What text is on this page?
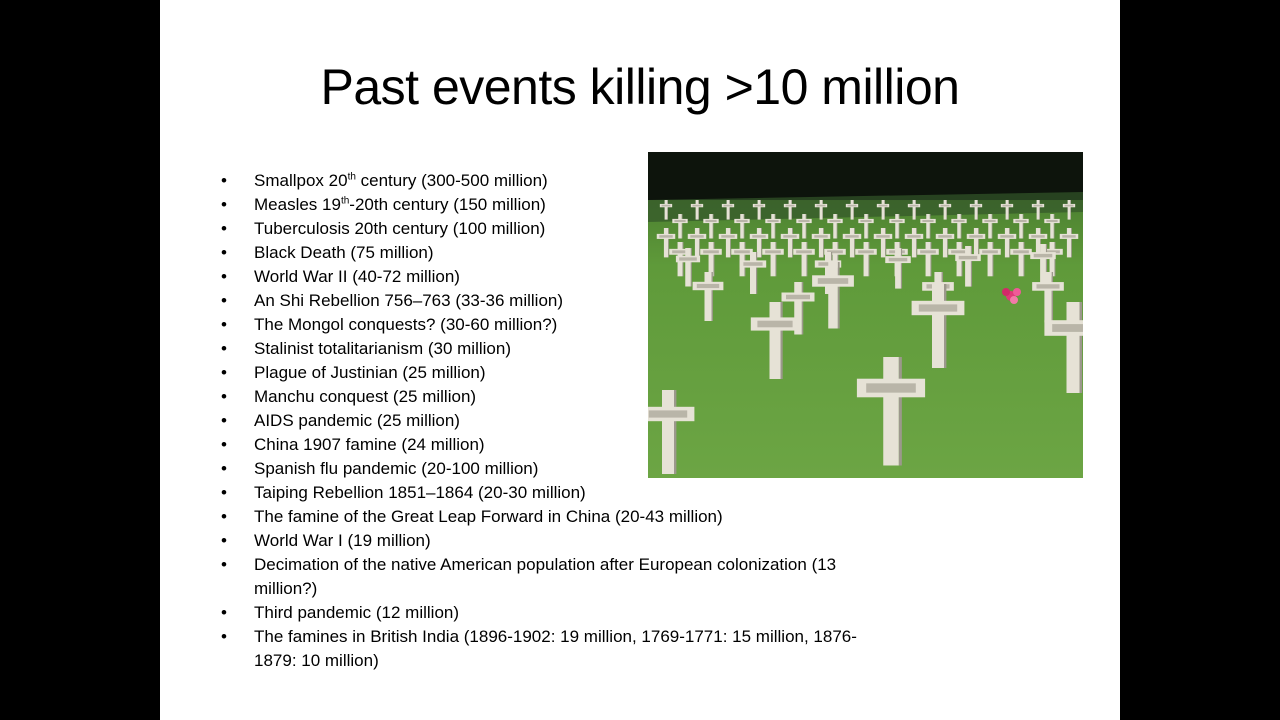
Past events killing >10 million
• Smallpox 20th century (300-500 million)
• Measles 19th-20th century (150 million)
• Tuberculosis 20th century (100 million)
• Black Death (75 million)
• World War II (40-72 million)
• An Shi Rebellion 756–763 (33-36 million)
• The Mongol conquests? (30-60 million?)
• Stalinist totalitarianism (30 million)
• Plague of Justinian (25 million)
• Manchu conquest (25 million)
• AIDS pandemic (25 million)
• China 1907 famine (24 million)
• Spanish flu pandemic (20-100 million)
• Taiping Rebellion 1851–1864 (20-30 million)
• The famine of the Great Leap Forward in China (20-43 million)
• World War I (19 million)
• Decimation of the native American population after European colonization (13 million?)
• Third pandemic (12 million)
• The famines in British India (1896-1902: 19 million, 1769-1771: 15 million, 1876-1879: 10 million)
